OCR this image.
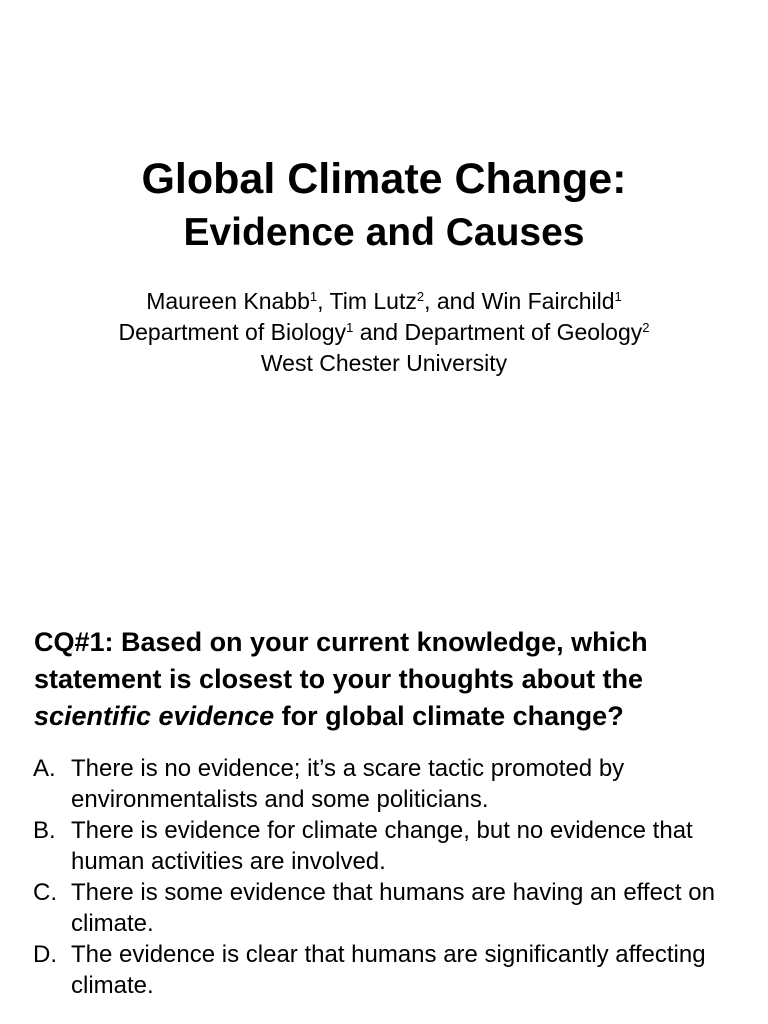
Global Climate Change:
Evidence and Causes
Maureen Knabb$^1$, Tim Lutz$^2$, and Win Fairchild$^1$
Department of Biology$^1$ and Department of Geology$^2$
West Chester University

CQ#1: Based on your current knowledge, which statement is closest to your thoughts about the scientific evidence for global climate change?

A. There is no evidence; it’s a scare tactic promoted by environmentalists and some politicians.
B. There is evidence for climate change, but no evidence that human activities are involved.
C. There is some evidence that humans are having an effect on climate.
D. The evidence is clear that humans are significantly affecting climate.
